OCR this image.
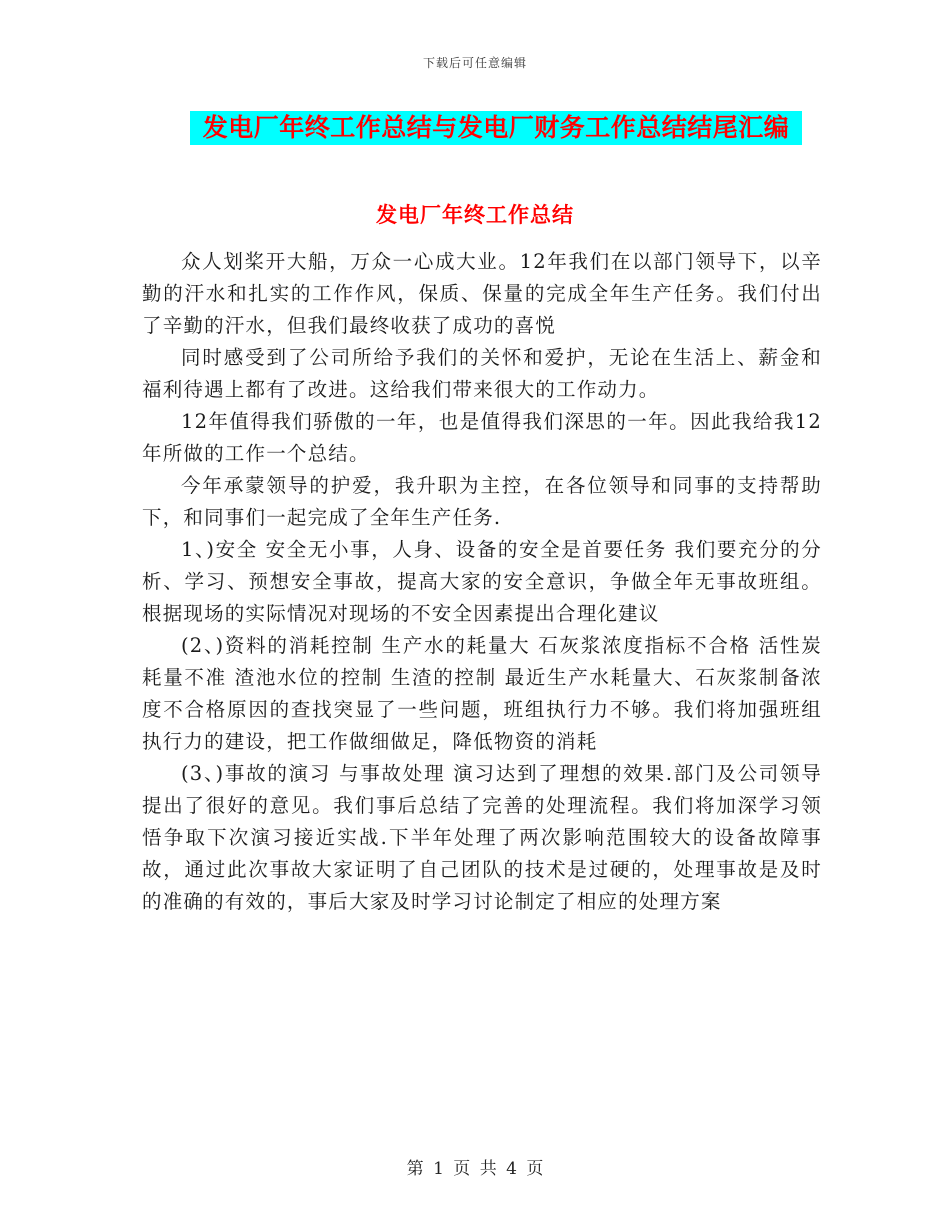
下载后可任意编辑
发电厂年终工作总结与发电厂财务工作总结结尾汇编
发电厂年终工作总结

众人划桨开大船，万众一心成大业。12年我们在以部门领导下，以辛勤的汗水和扎实的工作作风，保质、保量的完成全年生产任务。我们付出了辛勤的汗水，但我们最终收获了成功的喜悦

同时感受到了公司所给予我们的关怀和爱护，无论在生活上、薪金和福利待遇上都有了改进。这给我们带来很大的工作动力。

12年值得我们骄傲的一年，也是值得我们深思的一年。因此我给我12年所做的工作一个总结。

今年承蒙领导的护爱，我升职为主控，在各位领导和同事的支持帮助下，和同事们一起完成了全年生产任务.

1、)安全 安全无小事，人身、设备的安全是首要任务 我们要充分的分析、学习、预想安全事故，提高大家的安全意识，争做全年无事故班组。根据现场的实际情况对现场的不安全因素提出合理化建议

(2、)资料的消耗控制 生产水的耗量大 石灰浆浓度指标不合格 活性炭耗量不准 渣池水位的控制 生渣的控制 最近生产水耗量大、石灰浆制备浓度不合格原因的查找突显了一些问题，班组执行力不够。我们将加强班组执行力的建设，把工作做细做足，降低物资的消耗

(3、)事故的演习 与事故处理 演习达到了理想的效果.部门及公司领导提出了很好的意见。我们事后总结了完善的处理流程。我们将加深学习领悟争取下次演习接近实战.下半年处理了两次影响范围较大的设备故障事故，通过此次事故大家证明了自己团队的技术是过硬的，处理事故是及时的准确的有效的，事后大家及时学习讨论制定了相应的处理方案

第 1 页 共 4 页
